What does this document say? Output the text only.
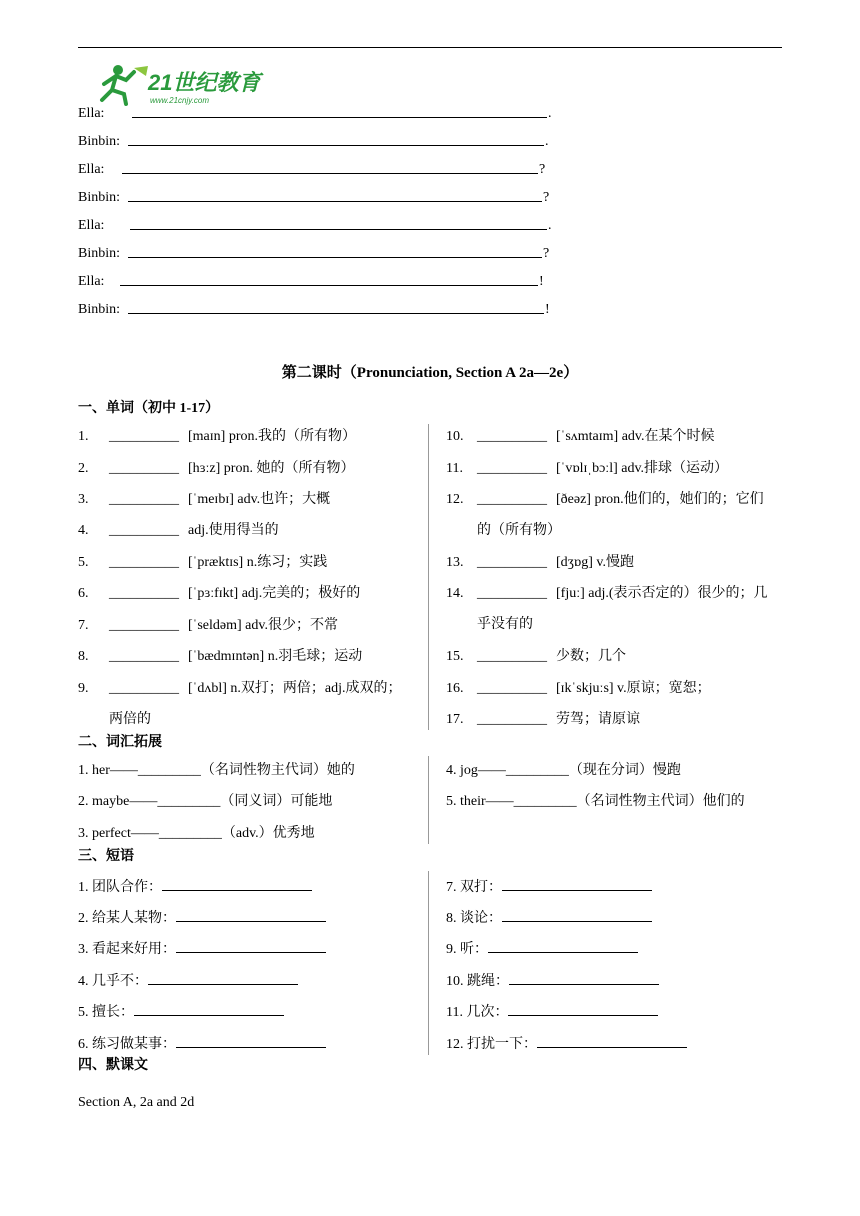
21世纪教育
www.21cnjy.com
Ella:	.
Binbin:	.
Ella:	?
Binbin:	?
Ella:	.
Binbin:	?
Ella:	!
Binbin:	!
第二课时（Pronunciation, Section A 2a—2e）
一、单词（初中 1-17）
1. __________ [maɪn] pron.我的（所有物）
2. __________ [hɜːz] pron. 她的（所有物）
3. __________ [ˈmeɪbɪ] adv.也许；大概
4. __________ adj.使用得当的
5. __________ [ˈpræktɪs] n.练习；实践
6. __________ [ˈpɜːfɪkt] adj.完美的；极好的
7. __________ [ˈseldəm] adv.很少；不常
8. __________ [ˈbædmɪntən] n.羽毛球；运动
9. __________ [ˈdʌbl] n.双打；两倍；adj.成双的；
两倍的
10. __________ [ˈsʌmtaɪm] adv.在某个时候
11. __________ [ˈvɒlɪˌbɔːl] adv.排球（运动）
12. __________ [ðeəz] pron.他们的，她们的；它们
的（所有物）
13. __________ [dʒɒg] v.慢跑
14. __________ [fjuː] adj.(表示否定的）很少的；几
乎没有的
15. __________ 少数；几个
16. __________ [ɪkˈskjuːs] v.原谅；宽恕；
17. __________ 劳驾；请原谅
二、词汇拓展
1. her——_________（名词性物主代词）她的
2. maybe——_________（同义词）可能地
3. perfect——_________（adv.）优秀地
4. jog——_________（现在分词）慢跑
5. their——_________（名词性物主代词）他们的
三、短语
1. 团队合作：
2. 给某人某物：
3. 看起来好用：
4. 几乎不：
5. 擅长：
6. 练习做某事：
7. 双打：
8. 谈论：
9. 听：
10. 跳绳：
11. 几次：
12. 打扰一下：
四、默课文
Section A, 2a and 2d
